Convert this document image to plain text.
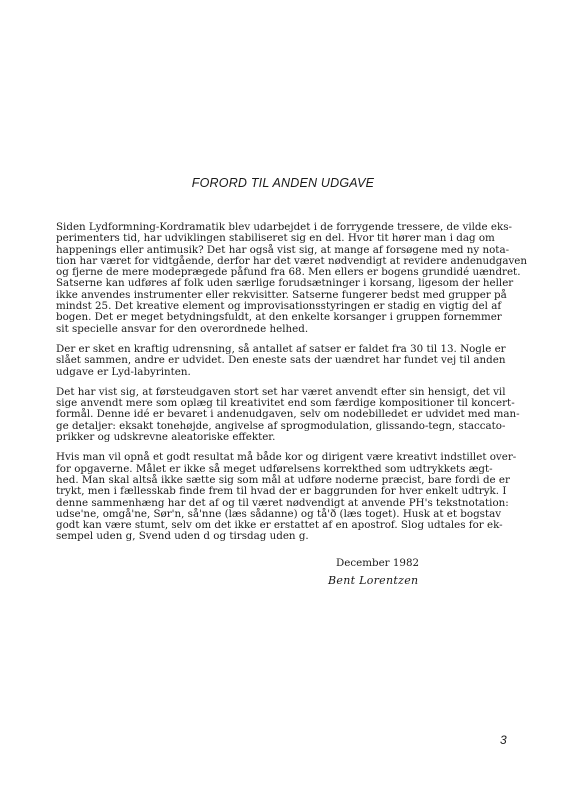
FORORD TIL ANDEN UDGAVE

Siden Lydformning-Kordramatik blev udarbejdet i de forrygende tressere, de vilde eks-
perimenters tid, har udviklingen stabiliseret sig en del. Hvor tit hører man i dag om
happenings eller antimusik? Det har også vist sig, at mange af forsøgene med ny nota-
tion har været for vidtgående, derfor har det været nødvendigt at revidere andenudgaven
og fjerne de mere modeprægede påfund fra 68. Men ellers er bogens grundidé uændret.
Satserne kan udføres af folk uden særlige forudsætninger i korsang, ligesom der heller
ikke anvendes instrumenter eller rekvisitter. Satserne fungerer bedst med grupper på
mindst 25. Det kreative element og improvisationsstyringen er stadig en vigtig del af
bogen. Det er meget betydningsfuldt, at den enkelte korsanger i gruppen fornemmer
sit specielle ansvar for den overordnede helhed.

Der er sket en kraftig udrensning, så antallet af satser er faldet fra 30 til 13. Nogle er
slået sammen, andre er udvidet. Den eneste sats der uændret har fundet vej til anden
udgave er Lyd-labyrinten.

Det har vist sig, at førsteudgaven stort set har været anvendt efter sin hensigt, det vil
sige anvendt mere som oplæg til kreativitet end som færdige kompositioner til koncert-
formål. Denne idé er bevaret i andenudgaven, selv om nodebilledet er udvidet med man-
ge detaljer: eksakt tonehøjde, angivelse af sprogmodulation, glissando-tegn, staccato-
prikker og udskrevne aleatoriske effekter.

Hvis man vil opnå et godt resultat må både kor og dirigent være kreativt indstillet over-
for opgaverne. Målet er ikke så meget udførelsens korrekthed som udtrykkets ægt-
hed. Man skal altså ikke sætte sig som mål at udføre noderne præcist, bare fordi de er
trykt, men i fællesskab finde frem til hvad der er baggrunden for hver enkelt udtryk. I
denne sammenhæng har det af og til været nødvendigt at anvende PH's tekstnotation:
udse'ne, omgå'ne, Sør'n, så'nne (læs sådanne) og tå'ð (læs toget). Husk at et bogstav
godt kan være stumt, selv om det ikke er erstattet af en apostrof. Slog udtales for ek-
sempel uden g, Svend uden d og tirsdag uden g.

December 1982
Bent Lorentzen
3
